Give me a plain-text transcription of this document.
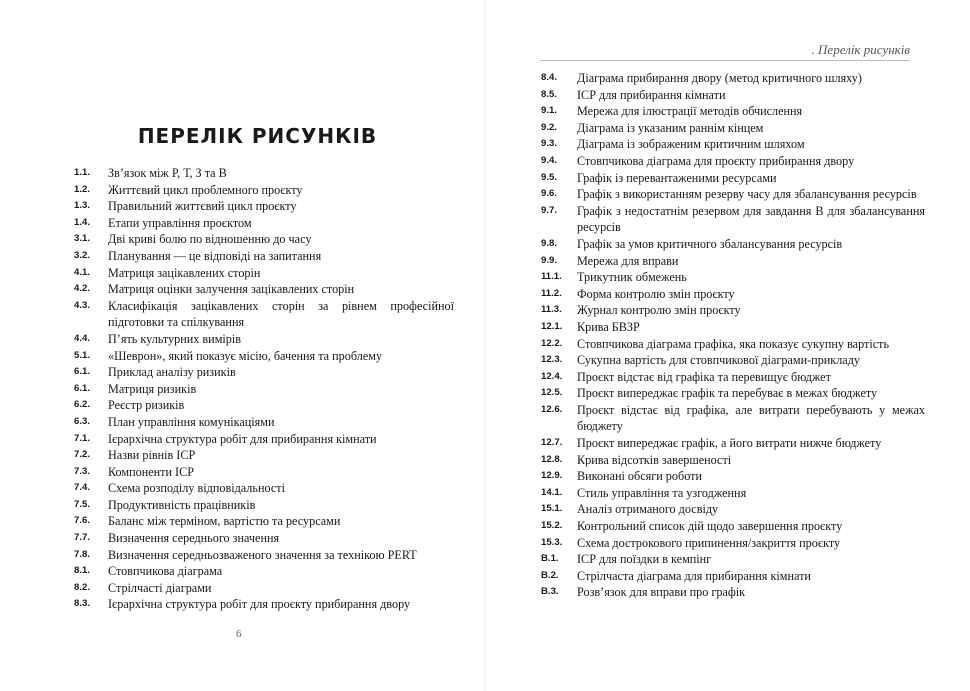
ПЕРЕЛІК РИСУНКІВ
1.1.	Зв’язок між Р, Т, З та В
1.2.	Життєвий цикл проблемного проєкту
1.3.	Правильний життєвий цикл проєкту
1.4.	Етапи управління проєктом
3.1.	Дві криві болю по відношенню до часу
3.2.	Планування — це відповіді на запитання
4.1.	Матриця зацікавлених сторін
4.2.	Матриця оцінки залучення зацікавлених сторін
4.3.	Класифікація зацікавлених сторін за рівнем професійної підготовки та спілкування
4.4.	П’ять культурних вимірів
5.1.	«Шеврон», який показує місію, бачення та проблему
6.1.	Приклад аналізу ризиків
6.1.	Матриця ризиків
6.2.	Реєстр ризиків
6.3.	План управління комунікаціями
7.1.	Ієрархічна структура робіт для прибирання кімнати
7.2.	Назви рівнів ІСР
7.3.	Компоненти ІСР
7.4.	Схема розподілу відповідальності
7.5.	Продуктивність працівників
7.6.	Баланс між терміном, вартістю та ресурсами
7.7.	Визначення середнього значення
7.8.	Визначення середньозваженого значення за технікою PERT
8.1.	Стовпчикова діаграма
8.2.	Стрілчасті діаграми
8.3.	Ієрархічна структура робіт для проєкту прибирання двору
6
. Перелік рисунків
8.4.	Діаграма прибирання двору (метод критичного шляху)
8.5.	ІСР для прибирання кімнати
9.1.	Мережа для ілюстрації методів обчислення
9.2.	Діаграма із указаним раннім кінцем
9.3.	Діаграма із зображеним критичним шляхом
9.4.	Стовпчикова діаграма для проєкту прибирання двору
9.5.	Графік із перевантаженими ресурсами
9.6.	Графік з використанням резерву часу для збалансування ресурсів
9.7.	Графік з недостатнім резервом для завдання В для збалансування ресурсів
9.8.	Графік за умов критичного збалансування ресурсів
9.9.	Мережа для вправи
11.1.	Трикутник обмежень
11.2.	Форма контролю змін проєкту
11.3.	Журнал контролю змін проєкту
12.1.	Крива БВЗР
12.2.	Стовпчикова діаграма графіка, яка показує сукупну вартість
12.3.	Сукупна вартість для стовпчикової діаграми-прикладу
12.4.	Проєкт відстає від графіка та перевищує бюджет
12.5.	Проєкт випереджає графік та перебуває в межах бюджету
12.6.	Проєкт відстає від графіка, але витрати перебувають у межах бюджету
12.7.	Проєкт випереджає графік, а його витрати нижче бюджету
12.8.	Крива відсотків завершеності
12.9.	Виконані обсяги роботи
14.1.	Стиль управління та узгодження
15.1.	Аналіз отриманого досвіду
15.2.	Контрольний список дій щодо завершення проєкту
15.3.	Схема дострокового припинення/закриття проєкту
В.1.	ІСР для поїздки в кемпінг
В.2.	Стрілчаста діаграма для прибирання кімнати
В.3.	Розв’язок для вправи про графік
